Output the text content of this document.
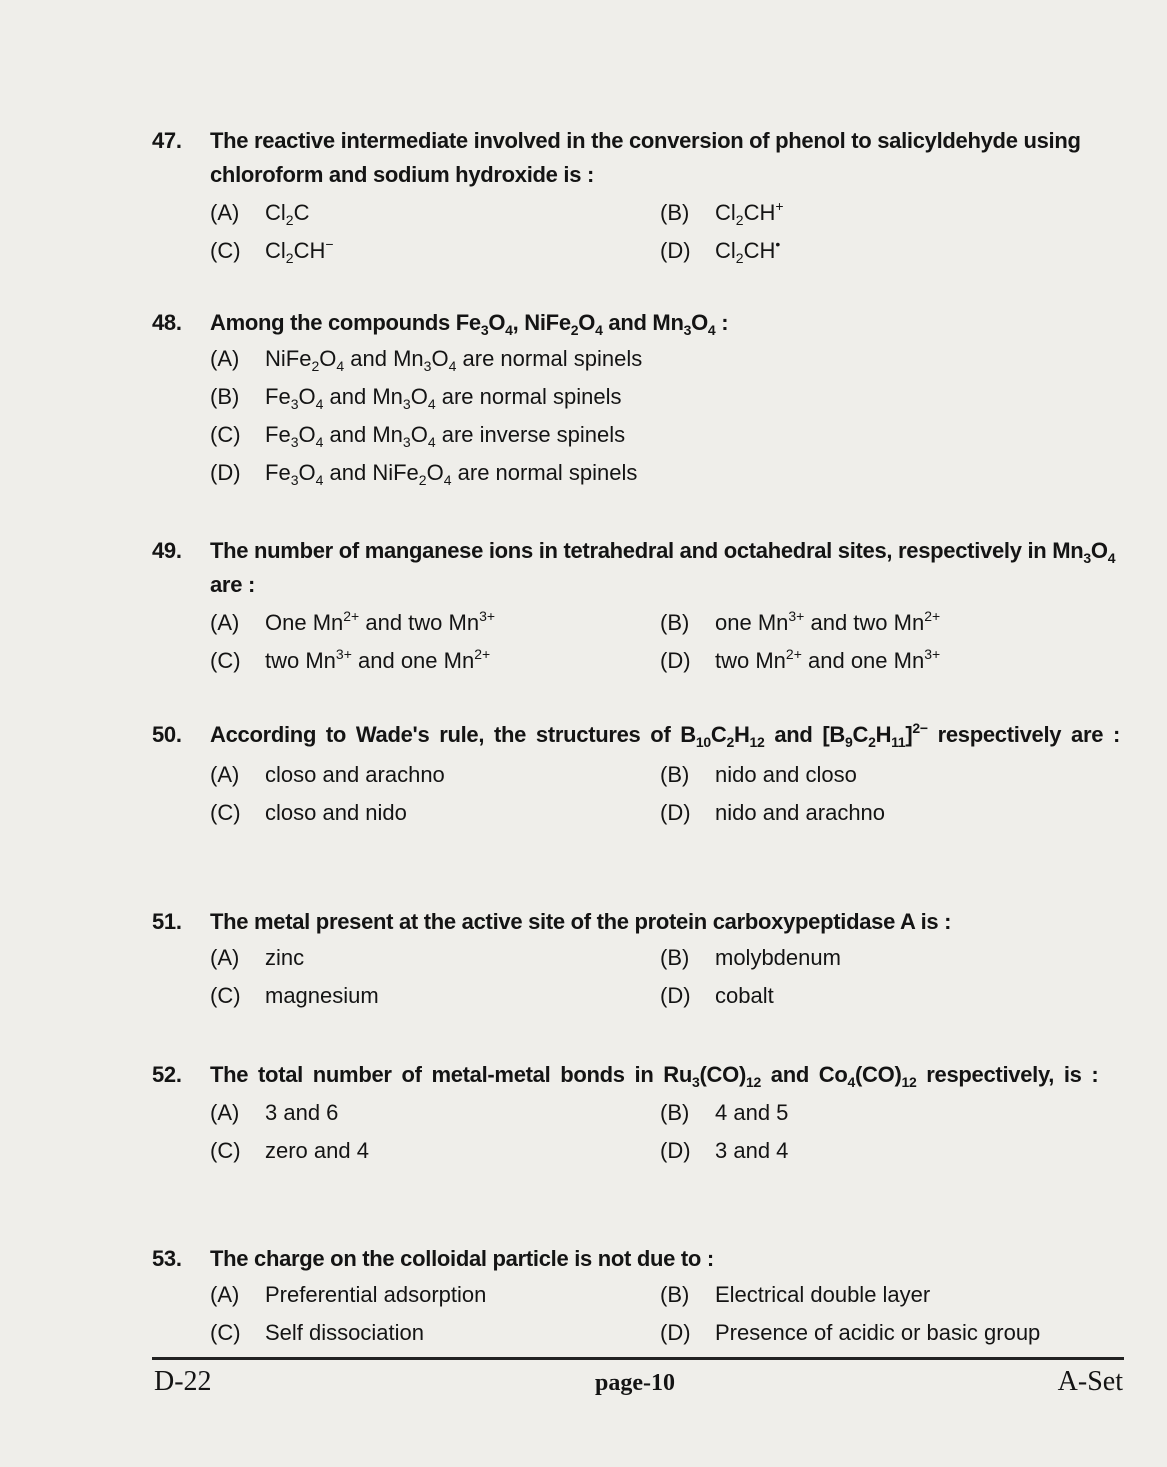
47.	The reactive intermediate involved in the conversion of phenol to salicyldehyde using chloroform and sodium hydroxide is :
(A)	$Cl_2C$	(B)	$Cl_2CH^+$
(C)	$Cl_2CH^-$	(D)	$Cl_2CH^•$
48.	Among the compounds $Fe_3O_4$, $NiFe_2O_4$ and $Mn_3O_4$ :
(A)	$NiFe_2O_4$ and $Mn_3O_4$ are normal spinels
(B)	$Fe_3O_4$ and $Mn_3O_4$ are normal spinels
(C)	$Fe_3O_4$ and $Mn_3O_4$ are inverse spinels
(D)	$Fe_3O_4$ and $NiFe_2O_4$ are normal spinels
49.	The number of manganese ions in tetrahedral and octahedral sites, respectively in $Mn_3O_4$ are :
(A)	One $Mn^{2+}$ and two $Mn^{3+}$	(B)	one $Mn^{3+}$ and two $Mn^{2+}$
(C)	two $Mn^{3+}$ and one $Mn^{2+}$	(D)	two $Mn^{2+}$ and one $Mn^{3+}$
50.	According to Wade's rule, the structures of $B_{10}C_2H_{12}$ and $[B_9C_2H_{11}]^{2-}$ respectively are :
(A)	closo and arachno	(B)	nido and closo
(C)	closo and nido	(D)	nido and arachno
51.	The metal present at the active site of the protein carboxypeptidase A is :
(A)	zinc	(B)	molybdenum
(C)	magnesium	(D)	cobalt
52.	The total number of metal-metal bonds in $Ru_3(CO)_{12}$ and $Co_4(CO)_{12}$ respectively, is :
(A)	3 and 6	(B)	4 and 5
(C)	zero and 4	(D)	3 and 4
53.	The charge on the colloidal particle is not due to :
(A)	Preferential adsorption	(B)	Electrical double layer
(C)	Self dissociation	(D)	Presence of acidic or basic group
D-22	page-10	A-Set
